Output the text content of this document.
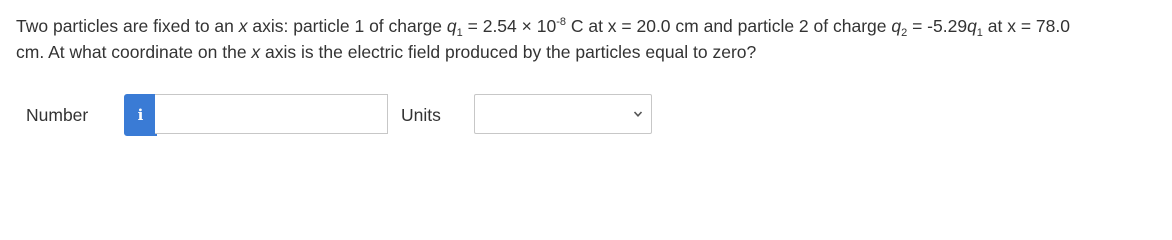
Two particles are fixed to an x axis: particle 1 of charge $q_1 = 2.54 \times 10^{-8}$ C at x = 20.0 cm and particle 2 of charge $q_2 = -5.29q_1$ at x = 78.0
cm. At what coordinate on the x axis is the electric field produced by the particles equal to zero?
Number	i	Units
